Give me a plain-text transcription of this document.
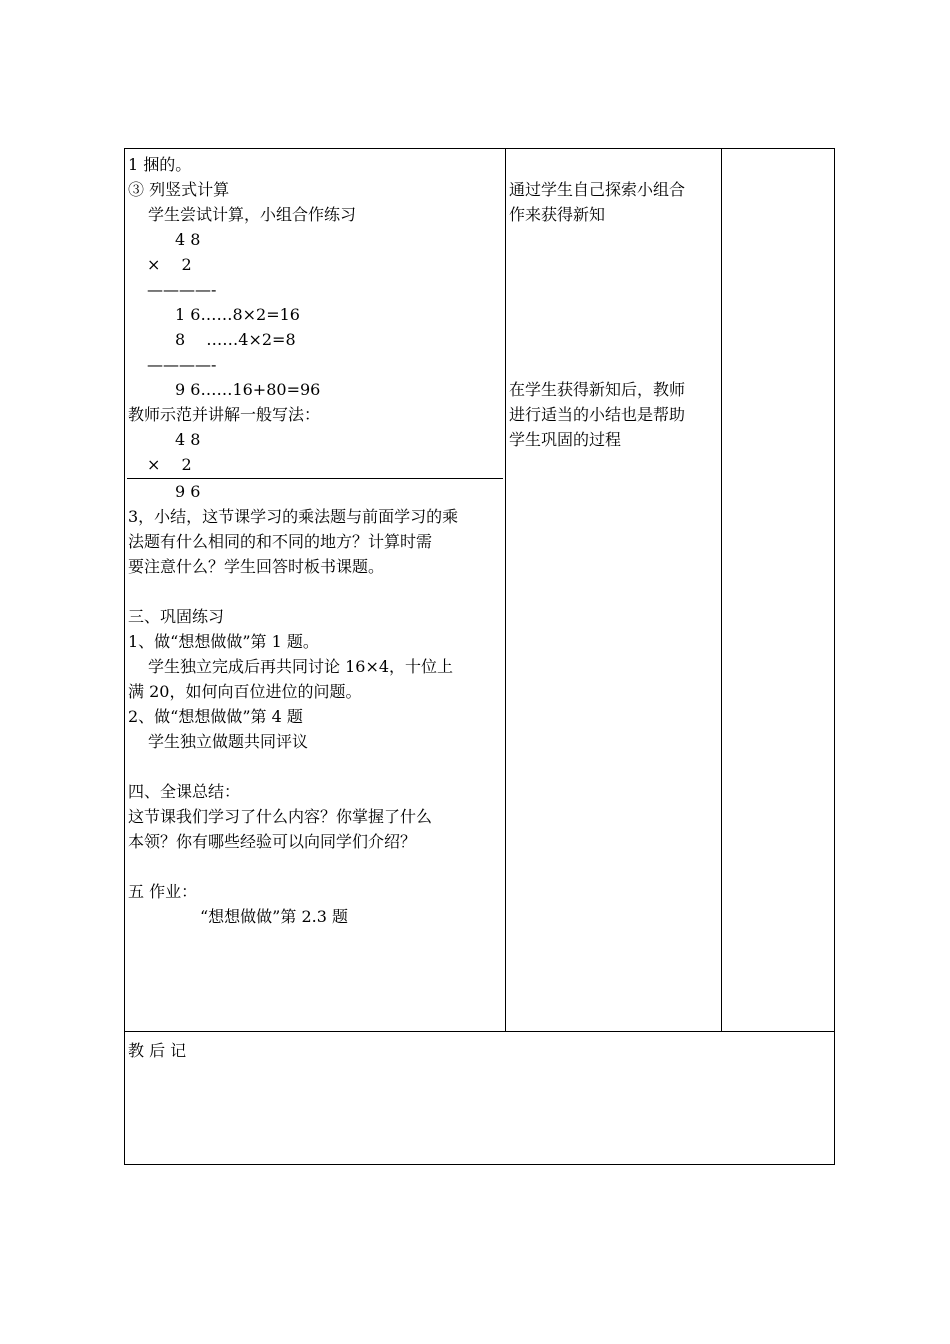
1 捆的。
③ 列竖式计算
学生尝试计算，小组合作练习
4 8
×　 2
————-
1 6……8×2=16
8 　……4×2=8
————-
9 6……16+80=96
教师示范并讲解一般写法：
4 8
×　 2
9 6
3，小结，这节课学习的乘法题与前面学习的乘
法题有什么相同的和不同的地方？计算时需
要注意什么？学生回答时板书课题。
三、巩固练习
1、做“想想做做”第 1 题。
学生独立完成后再共同讨论 16×4，十位上
满 20，如何向百位进位的问题。
2、做“想想做做”第 4 题
学生独立做题共同评议
四、全课总结：
这节课我们学习了什么内容？你掌握了什么
本领？你有哪些经验可以向同学们介绍？
五 作业：
“想想做做”第 2.3 题
通过学生自己探索小组合
作来获得新知
在学生获得新知后，教师
进行适当的小结也是帮助
学生巩固的过程
教 后 记
